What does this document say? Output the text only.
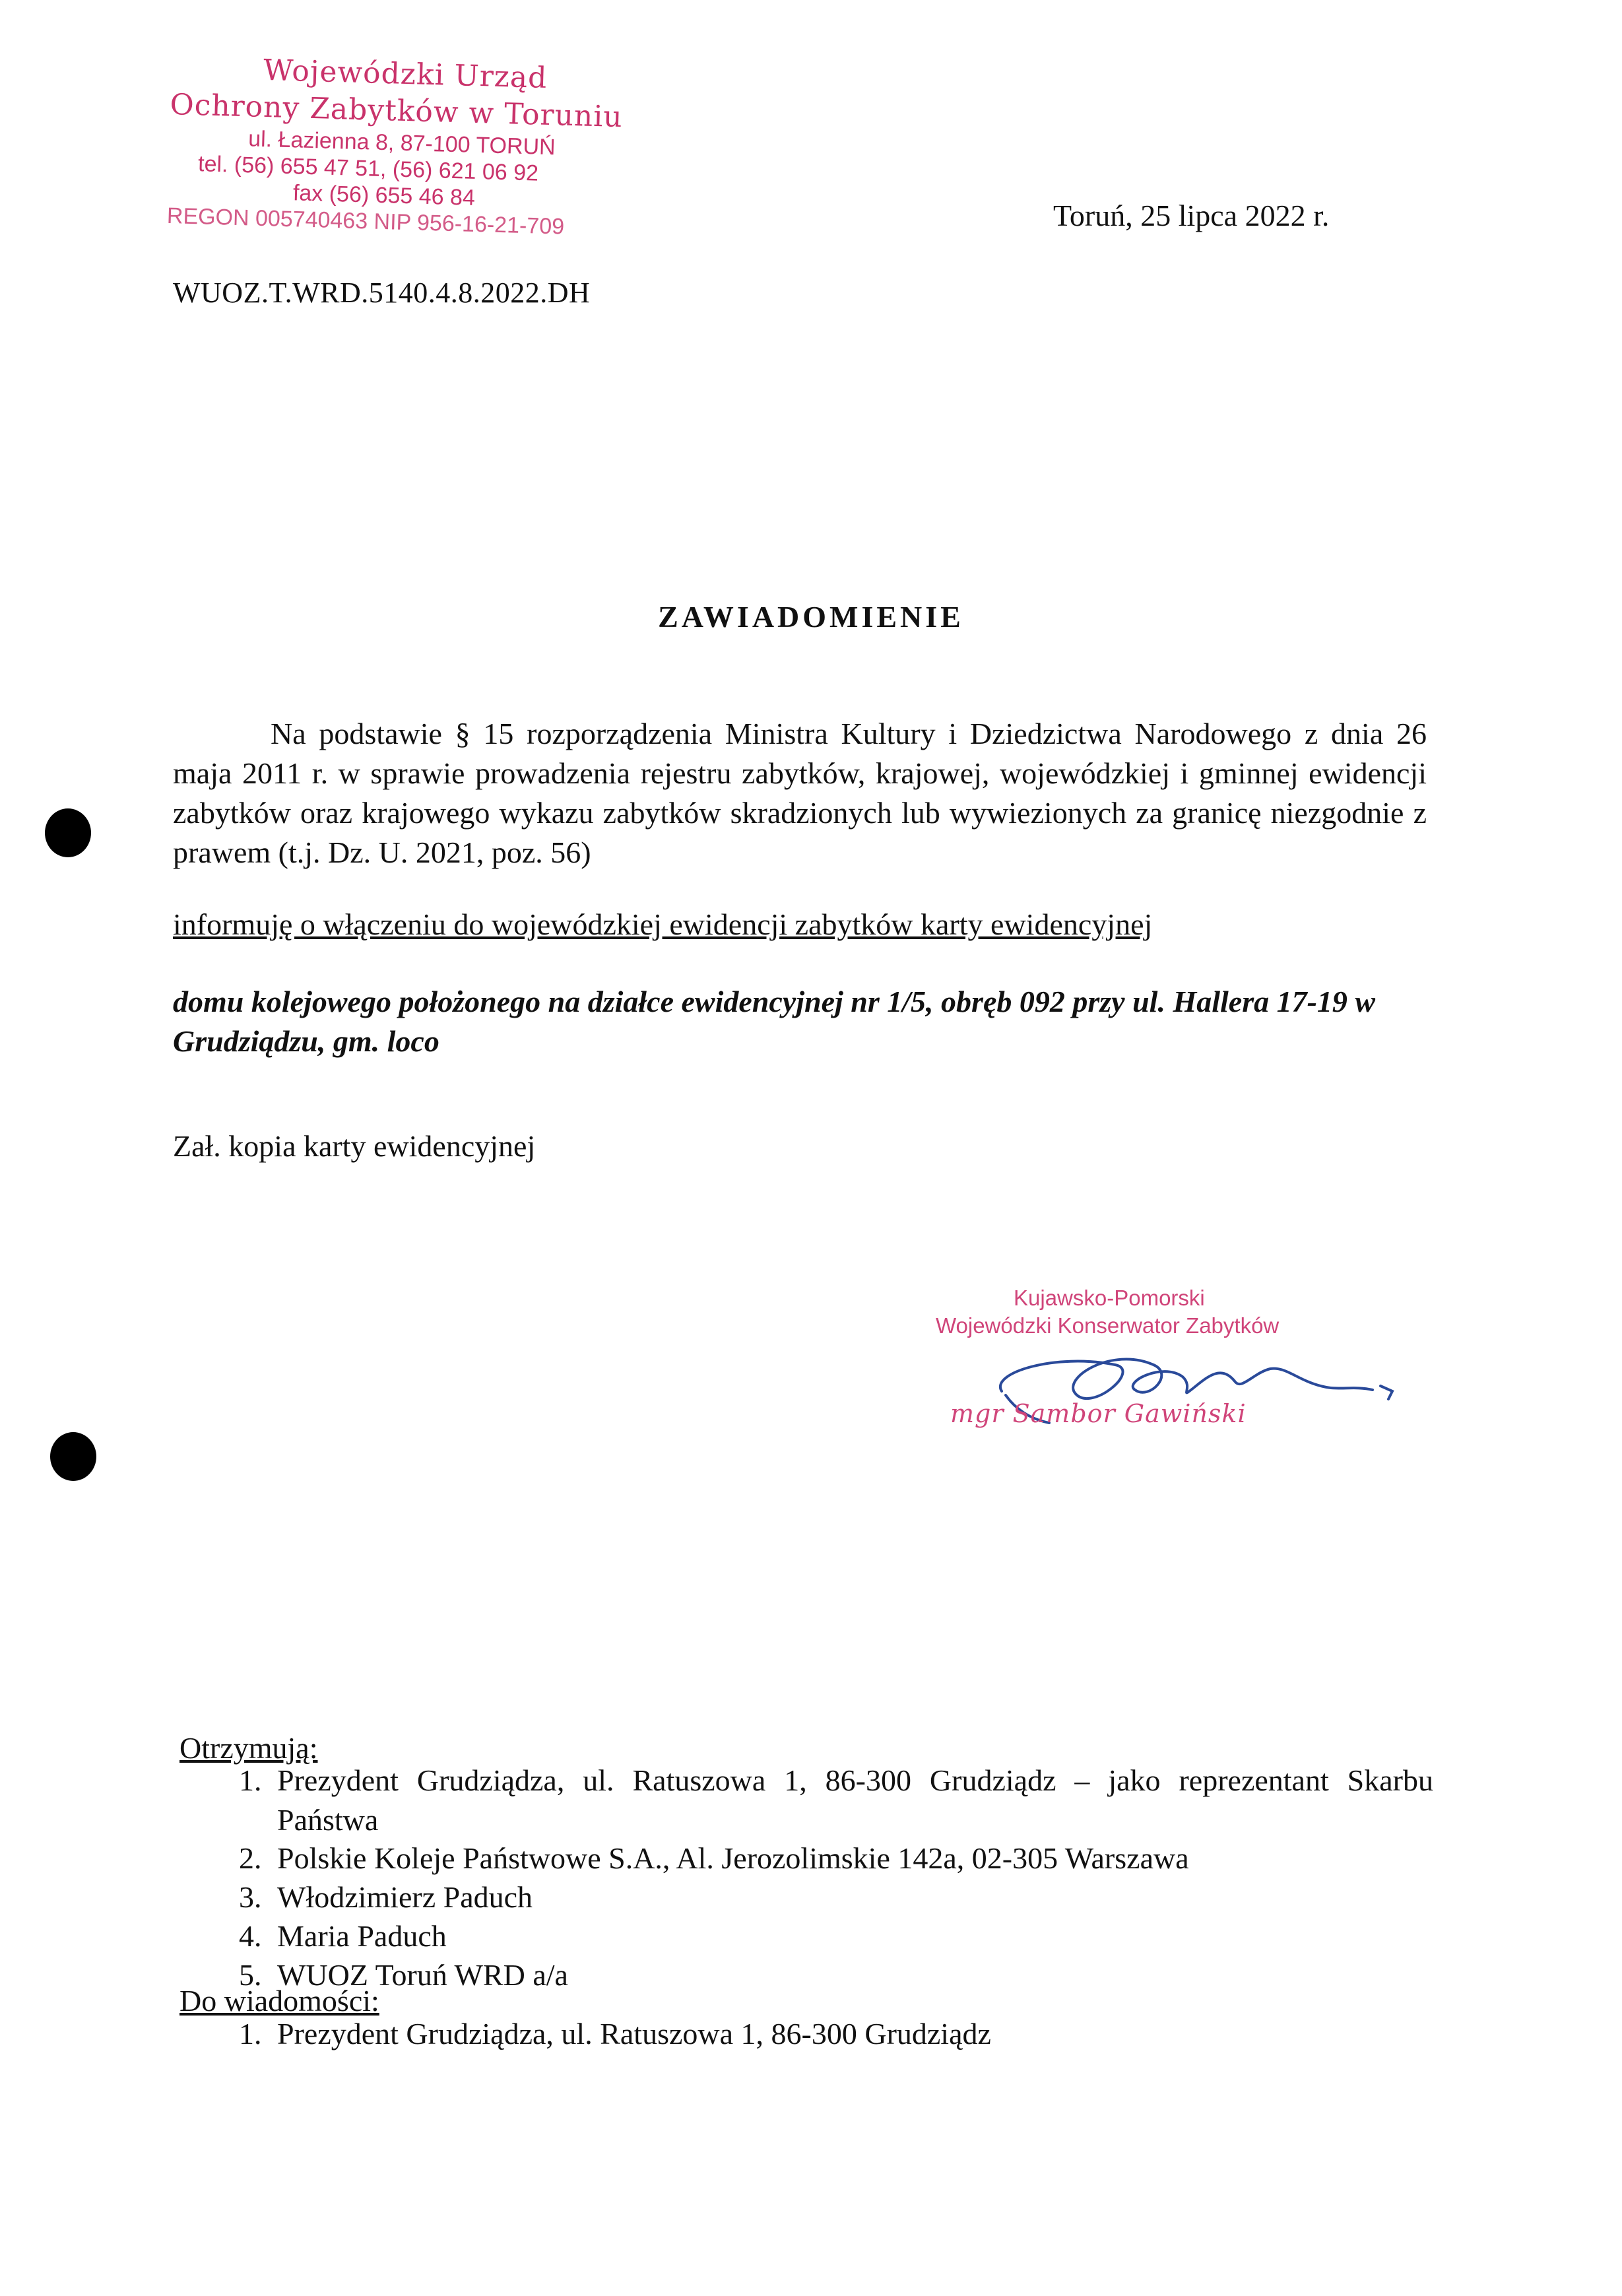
Wojewódzki Urząd
Ochrony Zabytków w Toruniu
ul. Łazienna 8, 87-100 TORUŃ
tel. (56) 655 47 51, (56) 621 06 92
fax (56) 655 46 84
REGON 005740463 NIP 956-16-21-709	Toruń, 25 lipca 2022 r.
WUOZ.T.WRD.5140.4.8.2022.DH
ZAWIADOMIENIE
Na podstawie § 15 rozporządzenia Ministra Kultury i Dziedzictwa Narodowego z dnia 26 maja 2011 r. w sprawie prowadzenia rejestru zabytków, krajowej, wojewódzkiej i gminnej ewidencji zabytków oraz krajowego wykazu zabytków skradzionych lub wywiezionych za granicę niezgodnie z prawem (t.j. Dz. U. 2021, poz. 56)
informuję o włączeniu do wojewódzkiej ewidencji zabytków karty ewidencyjnej
domu kolejowego położonego na działce ewidencyjnej nr 1/5, obręb 092 przy ul. Hallera 17-19 w Grudziądzu, gm. loco
Zał. kopia karty ewidencyjnej
Kujawsko-Pomorski
Wojewódzki Konserwator Zabytków
mgr Sambor Gawiński
Otrzymują:
1. Prezydent Grudziądza, ul. Ratuszowa 1, 86-300 Grudziądz – jako reprezentant Skarbu Państwa
2. Polskie Koleje Państwowe S.A., Al. Jerozolimskie 142a, 02-305 Warszawa
3. Włodzimierz Paduch
4. Maria Paduch
5. WUOZ Toruń WRD a/a
Do wiadomości:
1. Prezydent Grudziądza, ul. Ratuszowa 1, 86-300 Grudziądz
